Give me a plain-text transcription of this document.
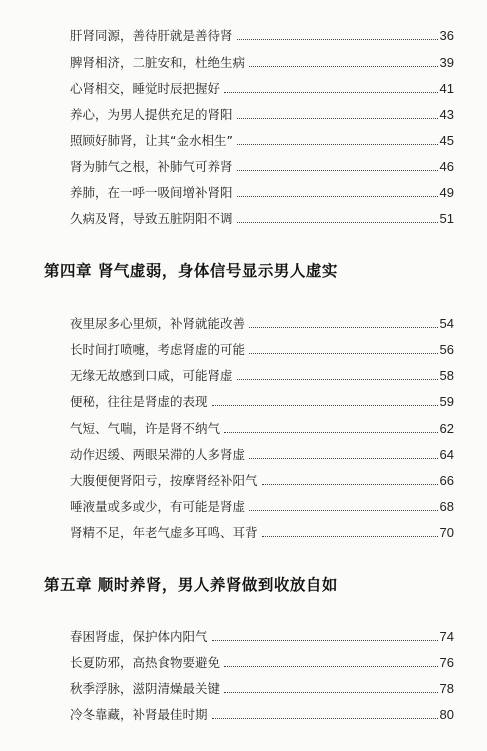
肝肾同源，善待肝就是善待肾	36
脾肾相济，二脏安和，杜绝生病	39
心肾相交，睡觉时辰把握好	41
养心，为男人提供充足的肾阳	43
照顾好肺肾，让其“金水相生”	45
肾为肺气之根，补肺气可养肾	46
养肺，在一呼一吸间增补肾阳	49
久病及肾，导致五脏阴阳不调	51
第四章 肾气虚弱，身体信号显示男人虚实
夜里尿多心里烦，补肾就能改善	54
长时间打喷嚏，考虑肾虚的可能	56
无缘无故感到口咸，可能肾虚	58
便秘，往往是肾虚的表现	59
气短、气喘，许是肾不纳气	62
动作迟缓、两眼呆滞的人多肾虚	64
大腹便便肾阳亏，按摩肾经补阳气	66
唾液量或多或少，有可能是肾虚	68
肾精不足，年老气虚多耳鸣、耳背	70
第五章 顺时养肾，男人养肾做到收放自如
春困肾虚，保护体内阳气	74
长夏防邪，高热食物要避免	76
秋季浮脉，滋阴清燥最关键	78
冷冬靠藏，补肾最佳时期	80
